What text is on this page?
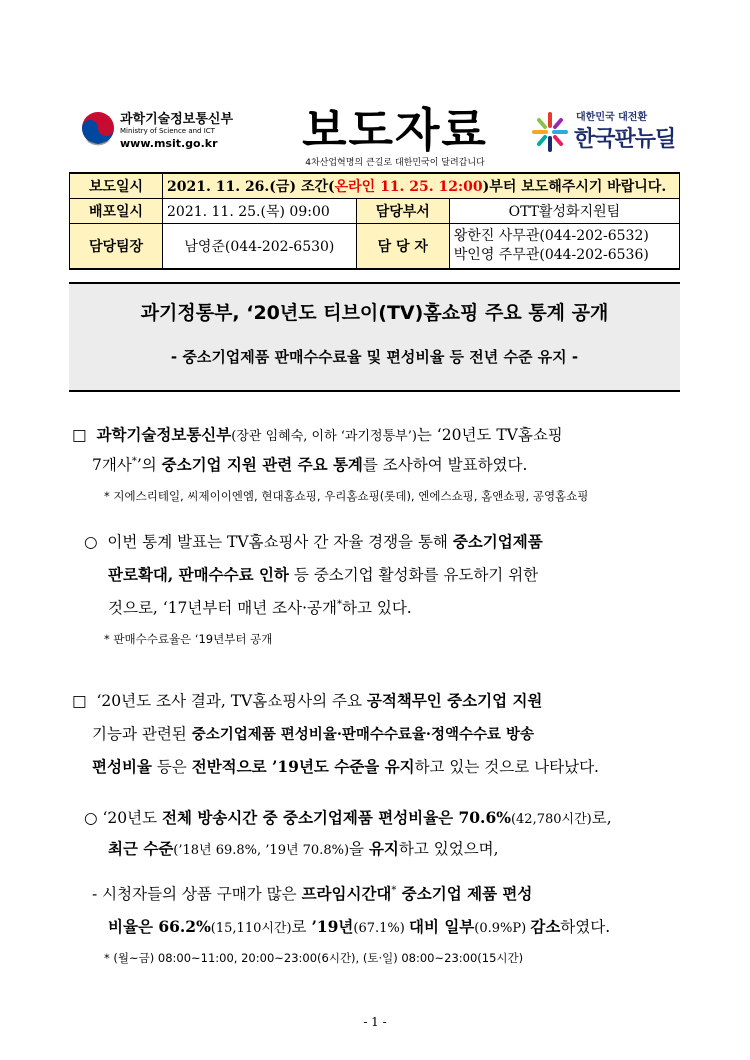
과학기술정보통신부
Ministry of Science and ICT
www.msit.go.kr 보도자료
4차산업혁명의 큰길로 대한민국이 달려갑니다
대한민국 대전환
한국판뉴딜
보도일시	2021. 11. 26.(금) 조간(온라인 11. 25. 12:00)부터 보도해주시기 바랍니다.		
배포일시	2021. 11. 25.(목) 09:00	담당부서	OTT활성화지원팀
담당팀장	남영준(044-202-6530)	담 당 자	왕한진 사무관(044-202-6532)
박인영 주무관(044-202-6536)
과기정통부, ‘20년도 티브이(TV)홈쇼핑 주요 통계 공개
- 중소기업제품 판매수수료율 및 편성비율 등 전년 수준 유지 -
□  과학기술정보통신부(장관 임혜숙, 이하 ‘과기정통부’)는 ‘20년도 TV홈쇼핑
7개사*’의 중소기업 지원 관련 주요 통계를 조사하여 발표하였다.
* 지에스리테일, 씨제이이엔엠, 현대홈쇼핑, 우리홈쇼핑(롯데), 엔에스쇼핑, 홈앤쇼핑, 공영홈쇼핑
○  이번 통계 발표는 TV홈쇼핑사 간 자율 경쟁을 통해 중소기업제품
판로확대, 판매수수료 인하 등 중소기업 활성화를 유도하기 위한
것으로, ‘17년부터 매년 조사·공개*하고 있다.
* 판매수수료율은 ‘19년부터 공개
□  ‘20년도 조사 결과, TV홈쇼핑사의 주요 공적책무인 중소기업 지원
기능과 관련된 중소기업제품 편성비율·판매수수료율·정액수수료 방송
편성비율 등은 전반적으로 ’19년도 수준을 유지하고 있는 것으로 나타났다.
○ ‘20년도 전체 방송시간 중 중소기업제품 편성비율은 70.6%(42,780시간)로,
최근 수준(’18년 69.8%, ’19년 70.8%)을 유지하고 있었으며,
- 시청자들의 상품 구매가 많은 프라임시간대* 중소기업 제품 편성
비율은 66.2%(15,110시간)로 ’19년(67.1%) 대비 일부(0.9%P) 감소하였다.
* (월~금) 08:00~11:00, 20:00~23:00(6시간), (토·일) 08:00~23:00(15시간)
- 1 -
